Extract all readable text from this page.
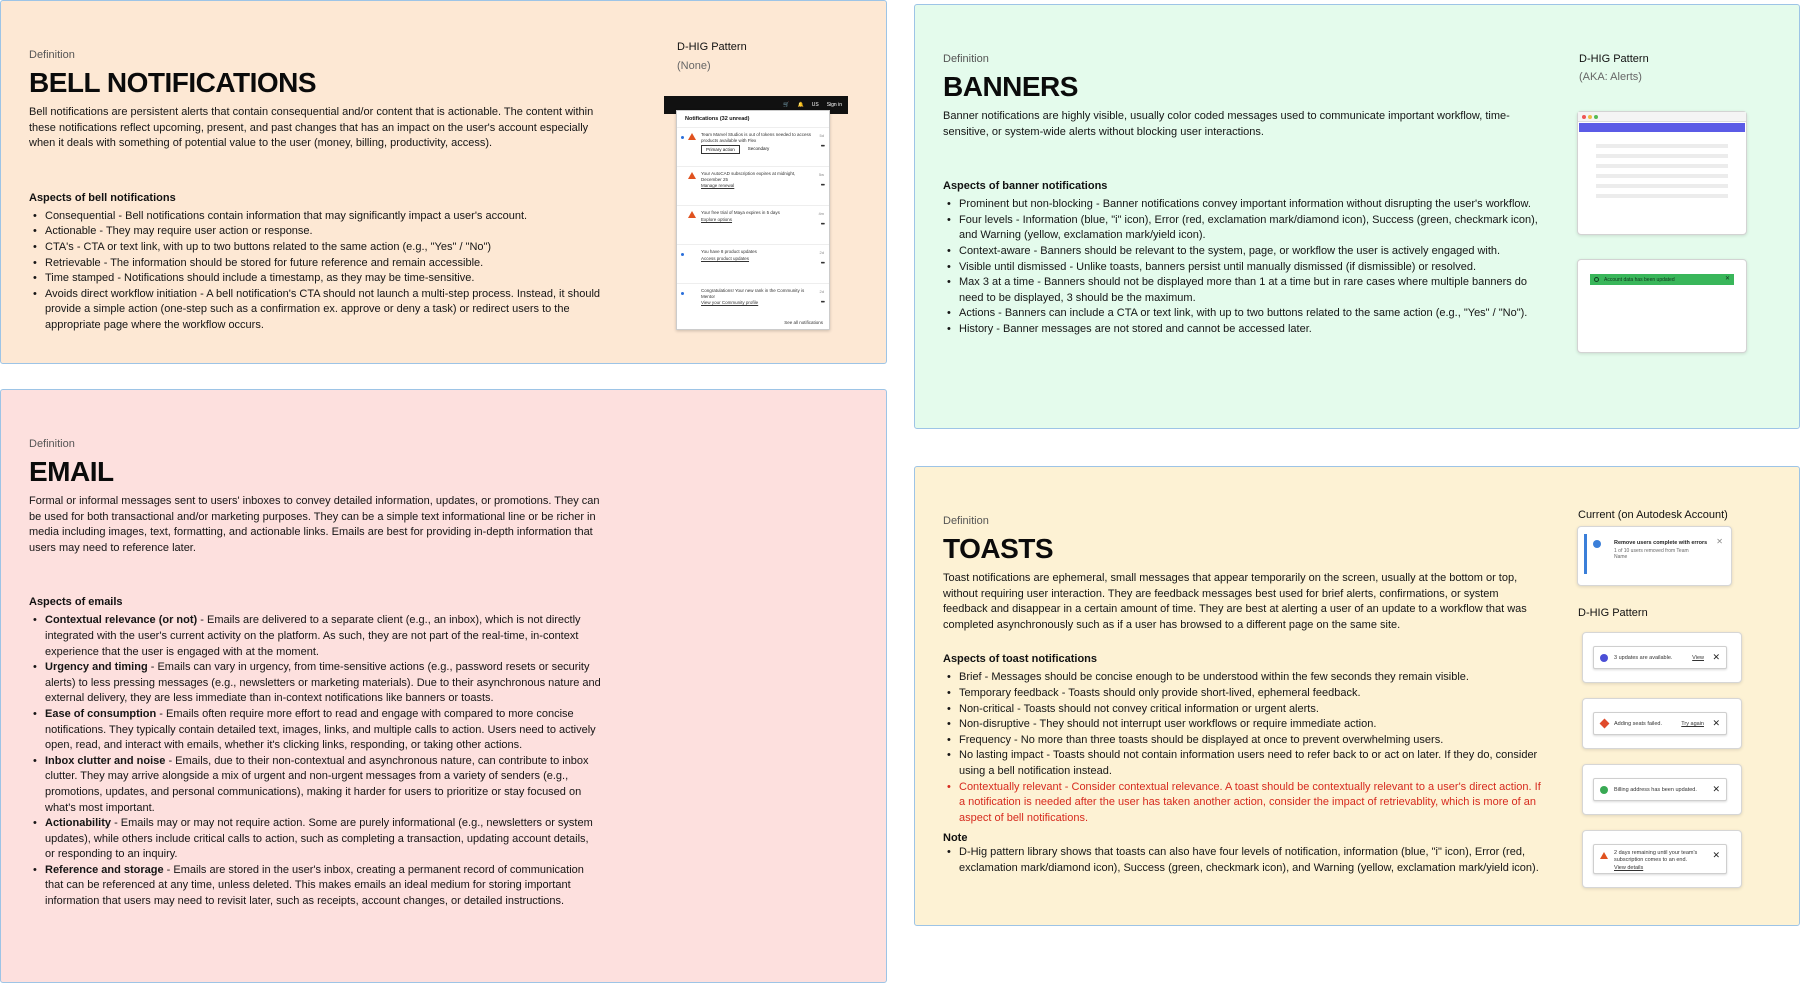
Definition
BELL NOTIFICATIONS
Bell notifications are persistent alerts that contain consequential and/or content that is actionable. The content within these notifications reflect upcoming, present, and past changes that has an impact on the user's account especially when it deals with something of potential value to the user (money, billing, productivity, access).
Aspects of bell notifications
• Consequential - Bell notifications contain information that may significantly impact a user's account.
• Actionable - They may require user action or response.
• CTA's - CTA or text link, with up to two buttons related to the same action (e.g., "Yes" / "No")
• Retrievable - The information should be stored for future reference and remain accessible.
• Time stamped - Notifications should include a timestamp, as they may be time-sensitive.
• Avoids direct workflow initiation - A bell notification's CTA should not launch a multi-step process. Instead, it should provide a simple action (one-step such as a confirmation ex. approve or deny a task) or redirect users to the appropriate page where the workflow occurs.
D-HIG Pattern
(None)
🛒 🔔 US Sign in
Notifications (32 unread)
Team Marvel Studios is out of tokens needed to access products available with Flex
Primary action	Secondary
5d
•••
Your AutoCAD subscription expires at midnight, December 25
Manage renewal
5w
•••
Your free trial of Maya expires in 5 days
Explore options
4m
•••
You have 8 product updates
Access product updates
2d
•••
Congratulations! Your new rank in the Community is Mentor
View your Community profile
2d
•••
See all notifications
Definition
EMAIL
Formal or informal messages sent to users' inboxes to convey detailed information, updates, or promotions. They can be used for both transactional and/or marketing purposes. They can be a simple text informational line or be richer in media including images, text, formatting, and actionable links. Emails are best for providing in-depth information that users may need to reference later.
Aspects of emails
• Contextual relevance (or not) - Emails are delivered to a separate client (e.g., an inbox), which is not directly integrated with the user's current activity on the platform. As such, they are not part of the real-time, in-context experience that the user is engaged with at the moment.
• Urgency and timing - Emails can vary in urgency, from time-sensitive actions (e.g., password resets or security alerts) to less pressing messages (e.g., newsletters or marketing materials). Due to their asynchronous nature and external delivery, they are less immediate than in-context notifications like banners or toasts.
• Ease of consumption - Emails often require more effort to read and engage with compared to more concise notifications. They typically contain detailed text, images, links, and multiple calls to action. Users need to actively open, read, and interact with emails, whether it's clicking links, responding, or taking other actions.
• Inbox clutter and noise - Emails, due to their non-contextual and asynchronous nature, can contribute to inbox clutter. They may arrive alongside a mix of urgent and non-urgent messages from a variety of senders (e.g., promotions, updates, and personal communications), making it harder for users to prioritize or stay focused on what's most important.
• Actionability - Emails may or may not require action. Some are purely informational (e.g., newsletters or system updates), while others include critical calls to action, such as completing a transaction, updating account details, or responding to an inquiry.
• Reference and storage - Emails are stored in the user's inbox, creating a permanent record of communication that can be referenced at any time, unless deleted. This makes emails an ideal medium for storing important information that users may need to revisit later, such as receipts, account changes, or detailed instructions.
Definition
BANNERS
Banner notifications are highly visible, usually color coded messages used to communicate important workflow, time-sensitive, or system-wide alerts without blocking user interactions.
Aspects of banner notifications
• Prominent but non-blocking - Banner notifications convey important information without disrupting the user's workflow.
• Four levels - Information (blue, "i" icon), Error (red, exclamation mark/diamond icon), Success (green, checkmark icon), and Warning (yellow, exclamation mark/yield icon).
• Context-aware - Banners should be relevant to the system, page, or workflow the user is actively engaged with.
• Visible until dismissed - Unlike toasts, banners persist until manually dismissed (if dismissible) or resolved.
• Max 3 at a time - Banners should not be displayed more than 1 at a time but in rare cases where multiple banners do need to be displayed, 3 should be the maximum.
• Actions - Banners can include a CTA or text link, with up to two buttons related to the same action (e.g., "Yes" / "No").
• History - Banner messages are not stored and cannot be accessed later.
D-HIG Pattern
(AKA: Alerts)
Account data has been updated	✕
Definition
TOASTS
Toast notifications are ephemeral, small messages that appear temporarily on the screen, usually at the bottom or top, without requiring user interaction. They are feedback messages best used for brief alerts, confirmations, or system feedback and disappear in a certain amount of time. They are best at alerting a user of an update to a workflow that was completed asynchronously such as if a user has browsed to a different page on the same site.
Aspects of toast notifications
• Brief - Messages should be concise enough to be understood within the few seconds they remain visible.
• Temporary feedback - Toasts should only provide short-lived, ephemeral feedback.
• Non-critical - Toasts should not convey critical information or urgent alerts.
• Non-disruptive - They should not interrupt user workflows or require immediate action.
• Frequency - No more than three toasts should be displayed at once to prevent overwhelming users.
• No lasting impact - Toasts should not contain information users need to refer back to or act on later. If they do, consider using a bell notification instead.
• Contextually relevant - Consider contextual relevance. A toast should be contextually relevant to a user's direct action. If a notification is needed after the user has taken another action, consider the impact of retrievablity, which is more of an aspect of bell notifications.
Note
• D-Hig pattern library shows that toasts can also have four levels of notification, information (blue, "i" icon), Error (red, exclamation mark/diamond icon), Success (green, checkmark icon), and Warning (yellow, exclamation mark/yield icon).
Current (on Autodesk Account)
D-HIG Pattern
Remove users complete with errors
1 of 10 users removed from Team Name
✕
3 updates are available.	View ✕
Adding seats failed.	Try again ✕
Billing address has been updated. ✕
2 days remaining until your team's subscription comes to an end.
View details
✕
